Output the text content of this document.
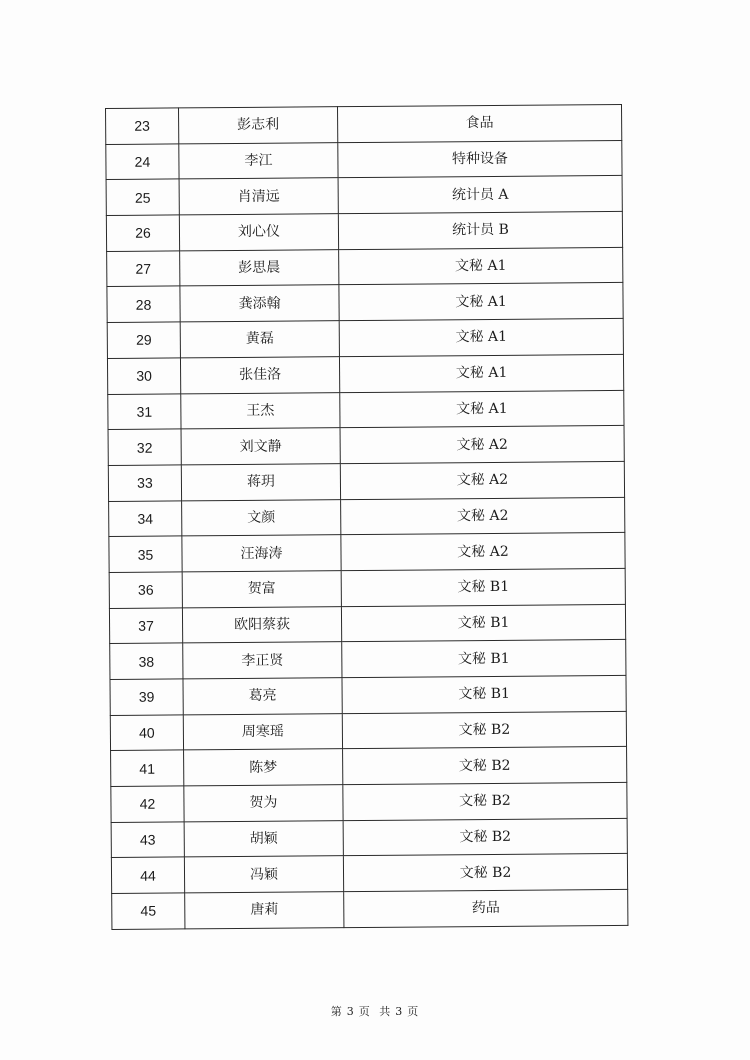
23	彭志利	食品
24	李江	特种设备
25	肖清远	统计员 A
26	刘心仪	统计员 B
27	彭思晨	文秘 A1
28	龚添翰	文秘 A1
29	黄磊	文秘 A1
30	张佳洛	文秘 A1
31	王杰	文秘 A1
32	刘文静	文秘 A2
33	蒋玥	文秘 A2
34	文颜	文秘 A2
35	汪海涛	文秘 A2
36	贺富	文秘 B1
37	欧阳蔡荻	文秘 B1
38	李正贤	文秘 B1
39	葛亮	文秘 B1
40	周寒瑶	文秘 B2
41	陈梦	文秘 B2
42	贺为	文秘 B2
43	胡颖	文秘 B2
44	冯颖	文秘 B2
45	唐莉	药品
第 3 页 共 3 页
